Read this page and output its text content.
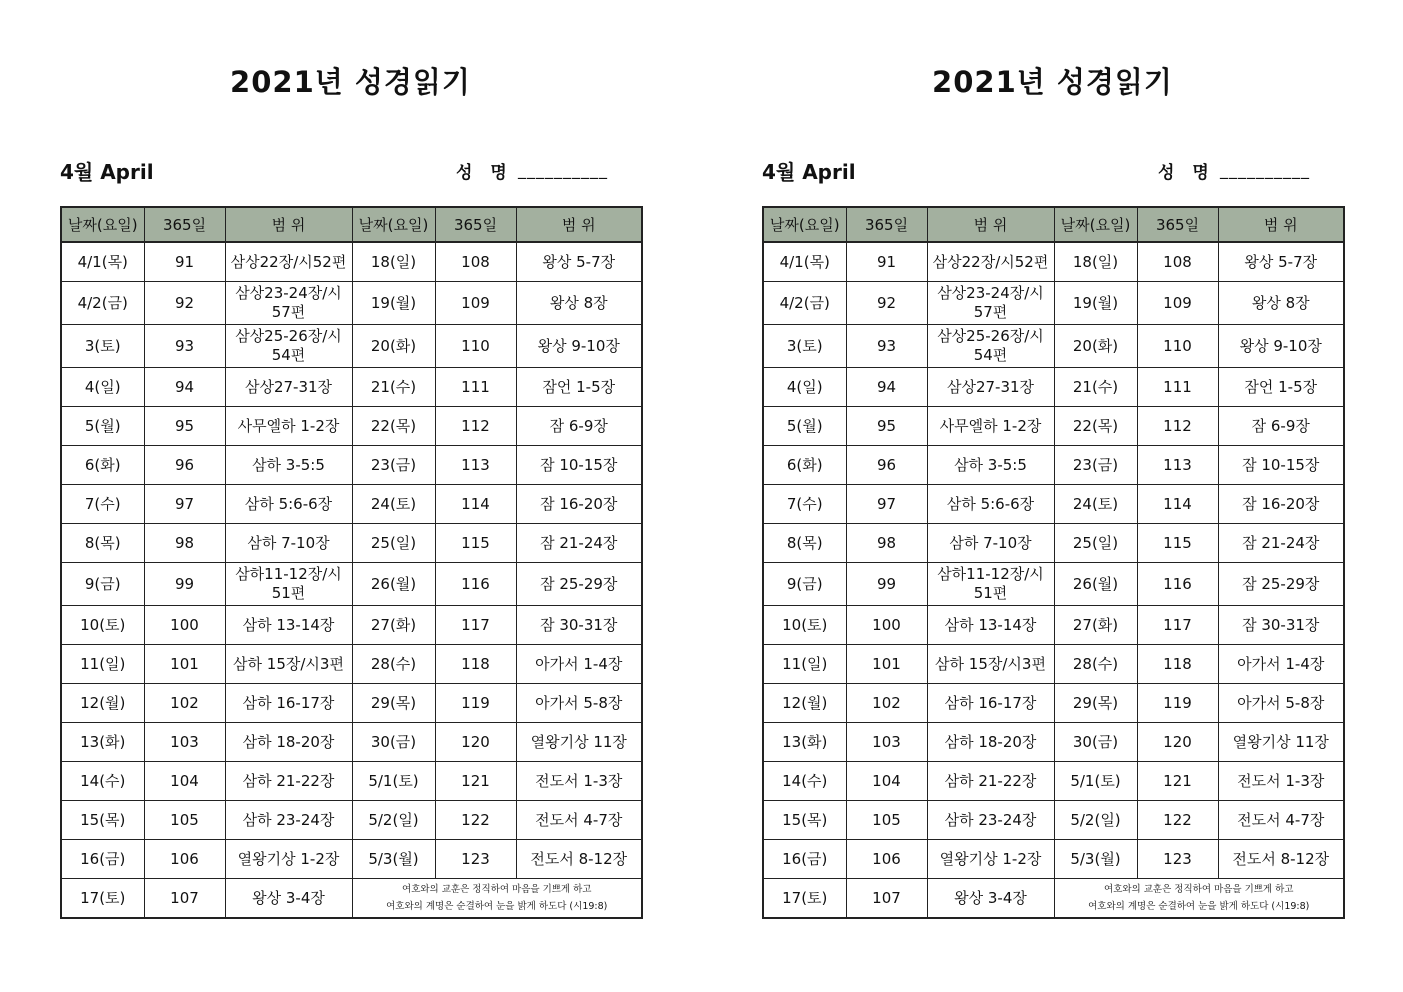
2021년 성경읽기
4월 April	성 명 __________
날짜(요일)	365일	범 위	날짜(요일)	365일	범 위
4/1(목)	91	삼상22장/시52편	18(일)	108	왕상 5-7장
4/2(금)	92	삼상23-24장/시57편	19(월)	109	왕상 8장
3(토)	93	삼상25-26장/시54편	20(화)	110	왕상 9-10장
4(일)	94	삼상27-31장	21(수)	111	잠언 1-5장
5(월)	95	사무엘하 1-2장	22(목)	112	잠 6-9장
6(화)	96	삼하 3-5:5	23(금)	113	잠 10-15장
7(수)	97	삼하 5:6-6장	24(토)	114	잠 16-20장
8(목)	98	삼하 7-10장	25(일)	115	잠 21-24장
9(금)	99	삼하11-12장/시51편	26(월)	116	잠 25-29장
10(토)	100	삼하 13-14장	27(화)	117	잠 30-31장
11(일)	101	삼하 15장/시3편	28(수)	118	아가서 1-4장
12(월)	102	삼하 16-17장	29(목)	119	아가서 5-8장
13(화)	103	삼하 18-20장	30(금)	120	열왕기상 11장
14(수)	104	삼하 21-22장	5/1(토)	121	전도서 1-3장
15(목)	105	삼하 23-24장	5/2(일)	122	전도서 4-7장
16(금)	106	열왕기상 1-2장	5/3(월)	123	전도서 8-12장
17(토)	107	왕상 3-4장	여호와의 교훈은 정직하여 마음을 기쁘게 하고
여호와의 계명은 순결하여 눈을 밝게 하도다 (시19:8)		
2021년 성경읽기
4월 April	성 명 __________
날짜(요일)	365일	범 위	날짜(요일)	365일	범 위
4/1(목)	91	삼상22장/시52편	18(일)	108	왕상 5-7장
4/2(금)	92	삼상23-24장/시57편	19(월)	109	왕상 8장
3(토)	93	삼상25-26장/시54편	20(화)	110	왕상 9-10장
4(일)	94	삼상27-31장	21(수)	111	잠언 1-5장
5(월)	95	사무엘하 1-2장	22(목)	112	잠 6-9장
6(화)	96	삼하 3-5:5	23(금)	113	잠 10-15장
7(수)	97	삼하 5:6-6장	24(토)	114	잠 16-20장
8(목)	98	삼하 7-10장	25(일)	115	잠 21-24장
9(금)	99	삼하11-12장/시51편	26(월)	116	잠 25-29장
10(토)	100	삼하 13-14장	27(화)	117	잠 30-31장
11(일)	101	삼하 15장/시3편	28(수)	118	아가서 1-4장
12(월)	102	삼하 16-17장	29(목)	119	아가서 5-8장
13(화)	103	삼하 18-20장	30(금)	120	열왕기상 11장
14(수)	104	삼하 21-22장	5/1(토)	121	전도서 1-3장
15(목)	105	삼하 23-24장	5/2(일)	122	전도서 4-7장
16(금)	106	열왕기상 1-2장	5/3(월)	123	전도서 8-12장
17(토)	107	왕상 3-4장	여호와의 교훈은 정직하여 마음을 기쁘게 하고
여호와의 계명은 순결하여 눈을 밝게 하도다 (시19:8)		
